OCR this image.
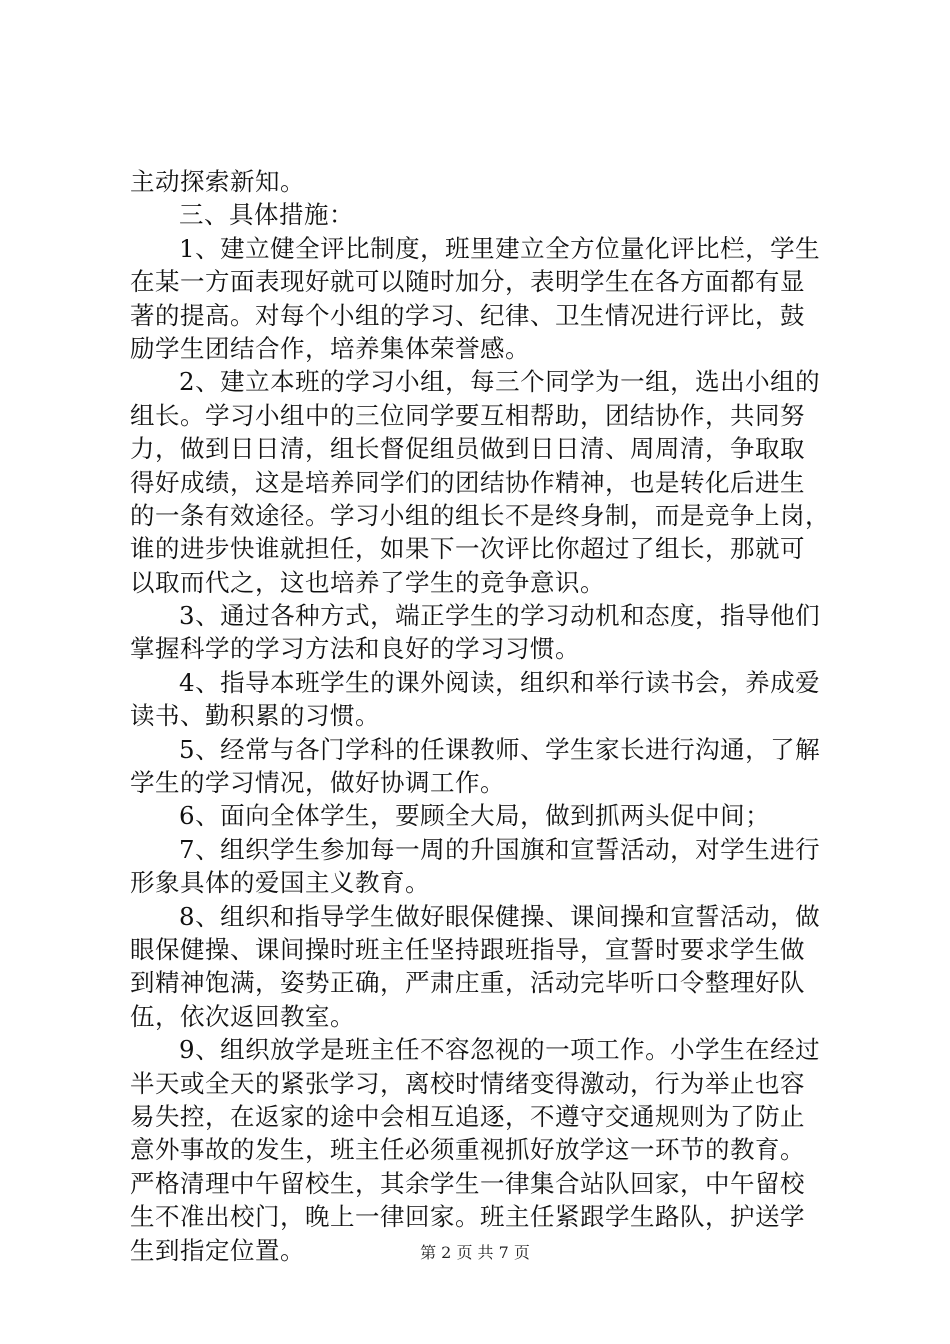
主动探索新知。
三、具体措施：
1、建立健全评比制度，班里建立全方位量化评比栏，学生
在某一方面表现好就可以随时加分，表明学生在各方面都有显
著的提高。对每个小组的学习、纪律、卫生情况进行评比，鼓
励学生团结合作，培养集体荣誉感。
2、建立本班的学习小组，每三个同学为一组，选出小组的
组长。学习小组中的三位同学要互相帮助，团结协作，共同努
力，做到日日清，组长督促组员做到日日清、周周清，争取取
得好成绩，这是培养同学们的团结协作精神，也是转化后进生
的一条有效途径。学习小组的组长不是终身制，而是竞争上岗，
谁的进步快谁就担任，如果下一次评比你超过了组长，那就可
以取而代之，这也培养了学生的竞争意识。
3、通过各种方式，端正学生的学习动机和态度，指导他们
掌握科学的学习方法和良好的学习习惯。
4、指导本班学生的课外阅读，组织和举行读书会，养成爱
读书、勤积累的习惯。
5、经常与各门学科的任课教师、学生家长进行沟通，了解
学生的学习情况，做好协调工作。
6、面向全体学生，要顾全大局，做到抓两头促中间；
7、组织学生参加每一周的升国旗和宣誓活动，对学生进行
形象具体的爱国主义教育。
8、组织和指导学生做好眼保健操、课间操和宣誓活动，做
眼保健操、课间操时班主任坚持跟班指导，宣誓时要求学生做
到精神饱满，姿势正确，严肃庄重，活动完毕听口令整理好队
伍，依次返回教室。
9、组织放学是班主任不容忽视的一项工作。小学生在经过
半天或全天的紧张学习，离校时情绪变得激动，行为举止也容
易失控，在返家的途中会相互追逐，不遵守交通规则为了防止
意外事故的发生，班主任必须重视抓好放学这一环节的教育。
严格清理中午留校生，其余学生一律集合站队回家，中午留校
生不准出校门，晚上一律回家。班主任紧跟学生路队，护送学
生到指定位置。	第 2 页 共 7 页
